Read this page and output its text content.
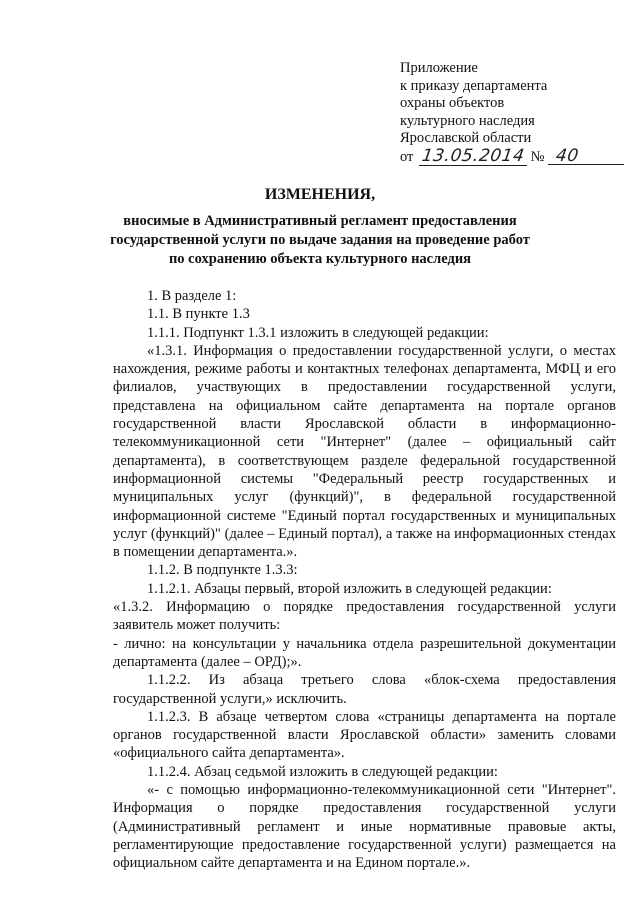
Приложение
к приказу департамента
охраны объектов
культурного наследия
Ярославской области
от 13.05.2014 № 40
ИЗМЕНЕНИЯ,
вносимые в Административный регламент предоставления
государственной услуги по выдаче задания на проведение работ
по сохранению объекта культурного наследия

1. В разделе 1:

1.1. В пункте 1.3

1.1.1. Подпункт 1.3.1 изложить в следующей редакции:

«1.3.1. Информация о предоставлении государственной услуги, о местах нахождения, режиме работы и контактных телефонах департамента, МФЦ и его филиалов, участвующих в предоставлении государственной услуги, представлена на официальном сайте департамента на портале органов государственной власти Ярославской области в информационно-телекоммуникационной сети "Интернет" (далее – официальный сайт департамента), в соответствующем разделе федеральной государственной информационной системы "Федеральный реестр государственных и муниципальных услуг (функций)", в федеральной государственной информационной системе "Единый портал государственных и муниципальных услуг (функций)" (далее – Единый портал), а также на информационных стендах в помещении департамента.».

1.1.2. В подпункте 1.3.3:

1.1.2.1. Абзацы первый, второй изложить в следующей редакции:

«1.3.2. Информацию о порядке предоставления государственной услуги заявитель может получить:

- лично: на консультации у начальника отдела разрешительной документации департамента (далее – ОРД);».

1.1.2.2. Из абзаца третьего слова «блок-схема предоставления государственной услуги,» исключить.

1.1.2.3. В абзаце четвертом слова «страницы департамента на портале органов государственной власти Ярославской области» заменить словами «официального сайта департамента».

1.1.2.4. Абзац седьмой изложить в следующей редакции:

«- с помощью информационно-телекоммуникационной сети "Интернет". Информация о порядке предоставления государственной услуги (Административный регламент и иные нормативные правовые акты, регламентирующие предоставление государственной услуги) размещается на официальном сайте департамента и на Едином портале.».
